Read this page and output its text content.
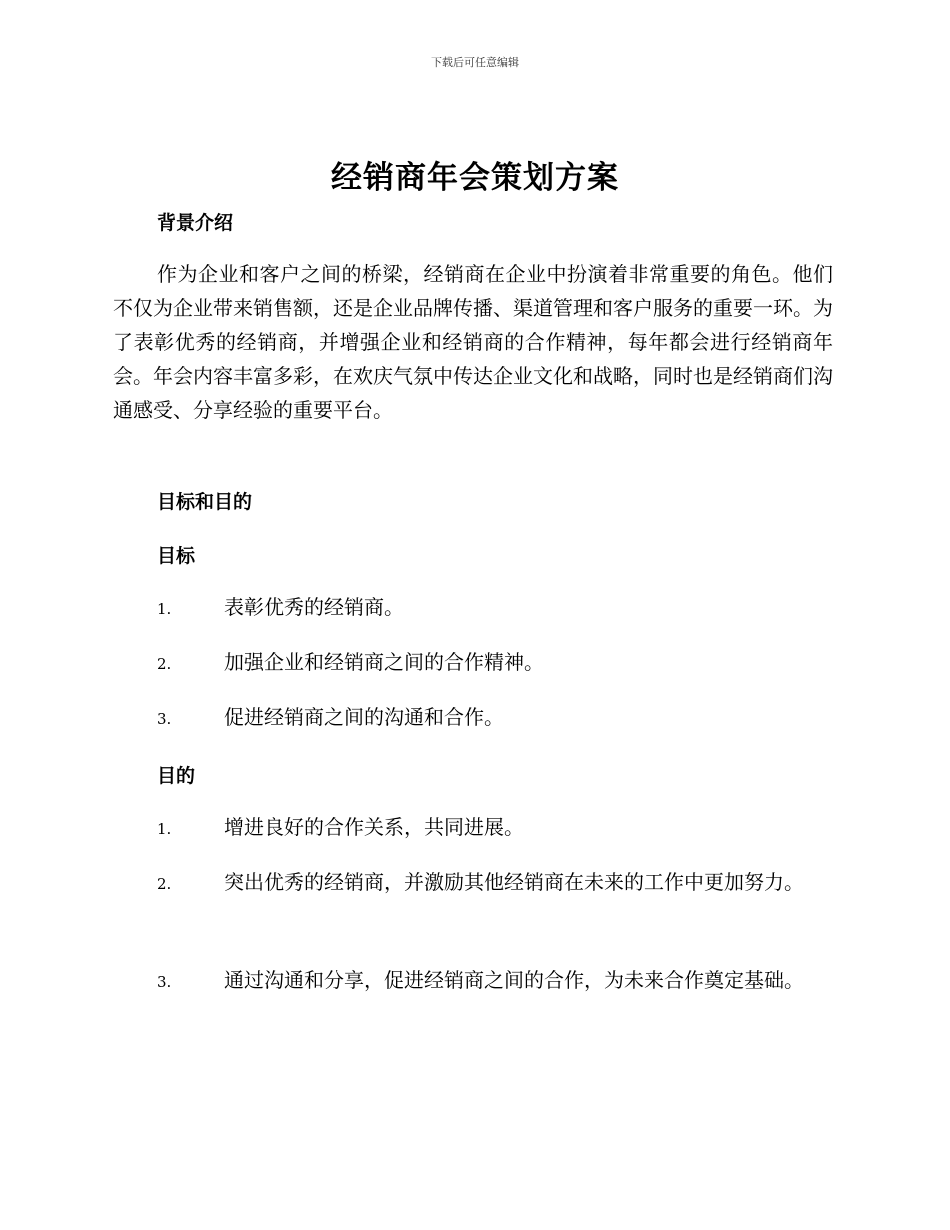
下载后可任意编辑
经销商年会策划方案
背景介绍

作为企业和客户之间的桥梁，经销商在企业中扮演着非常重要的角色。他们不仅为企业带来销售额，还是企业品牌传播、渠道管理和客户服务的重要一环。为了表彰优秀的经销商，并增强企业和经销商的合作精神，每年都会进行经销商年会。年会内容丰富多彩，在欢庆气氛中传达企业文化和战略，同时也是经销商们沟通感受、分享经验的重要平台。

目标和目的
目标
1.	表彰优秀的经销商。
2.	加强企业和经销商之间的合作精神。
3.	促进经销商之间的沟通和合作。
目的
1.	增进良好的合作关系，共同进展。
2.	突出优秀的经销商，并激励其他经销商在未来的工作中更加努力。
3.	通过沟通和分享，促进经销商之间的合作，为未来合作奠定基础。
